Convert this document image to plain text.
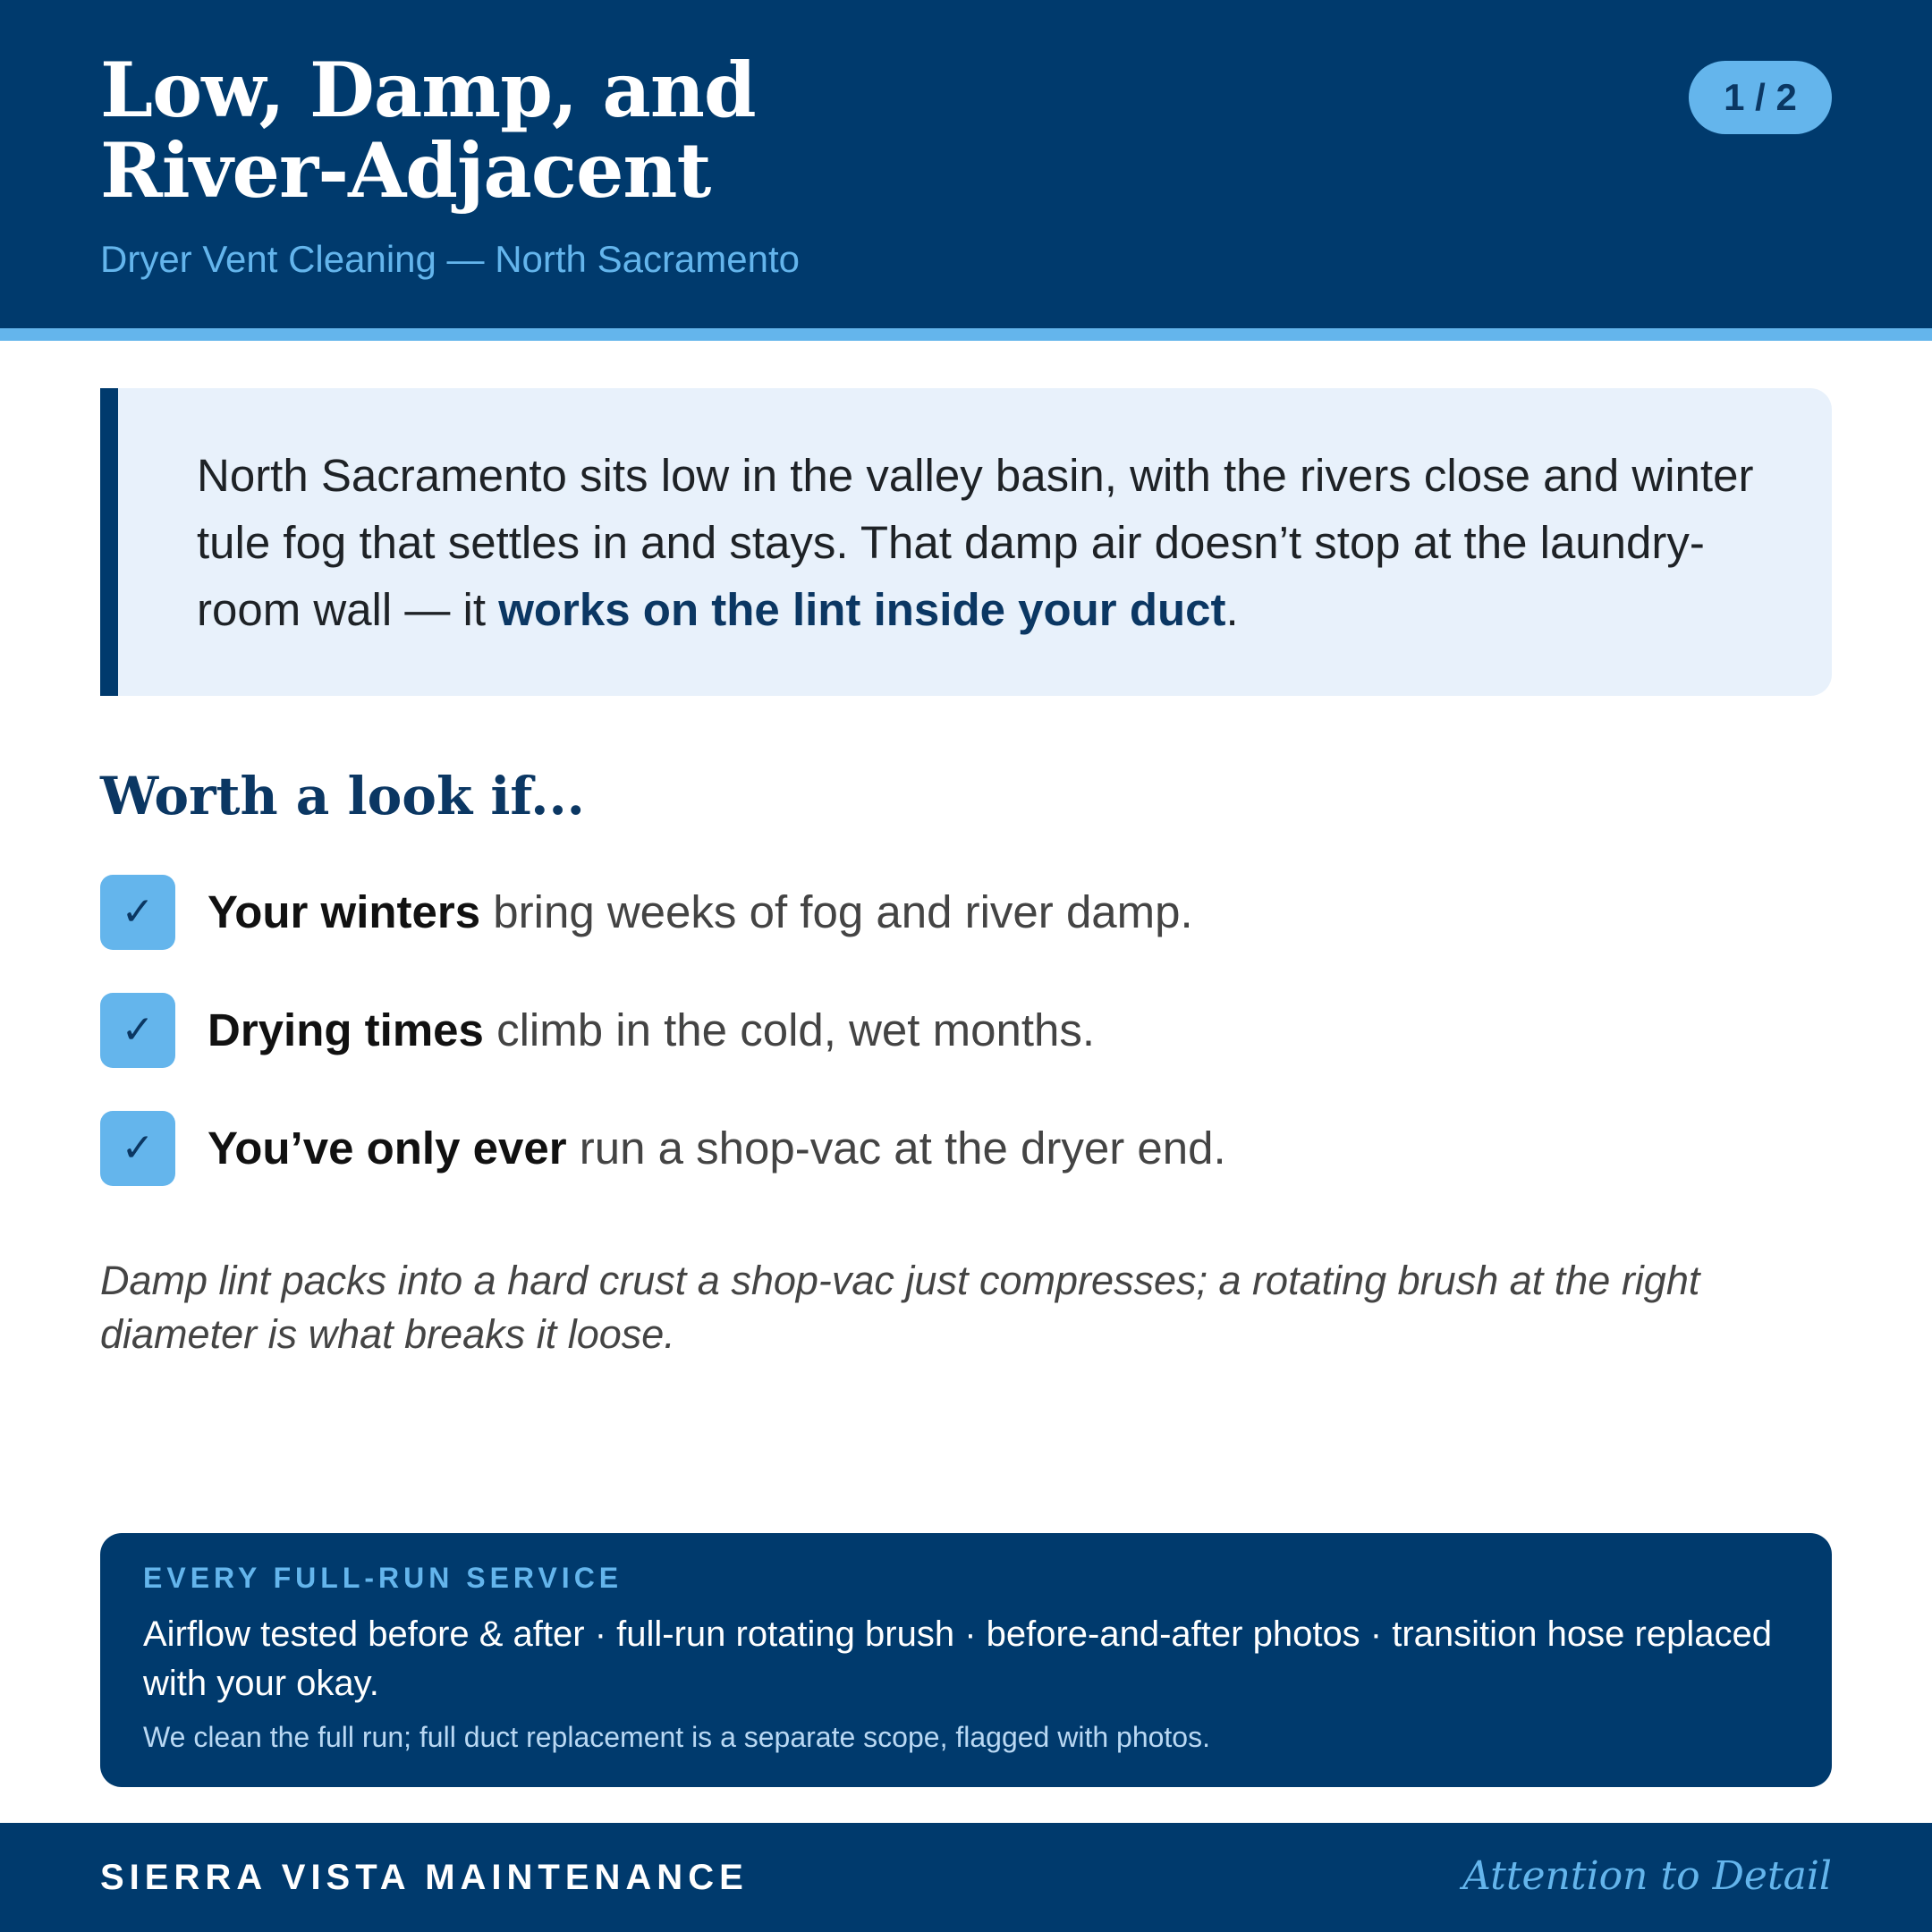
Low, Damp, and
River-Adjacent
Dryer Vent Cleaning — North Sacramento
1 / 2
North Sacramento sits low in the valley basin, with the rivers close and winter tule fog that settles in and stays. That damp air doesn’t stop at the laundry-room wall — it works on the lint inside your duct.
Worth a look if...
✓	Your winters bring weeks of fog and river damp.
✓	Drying times climb in the cold, wet months.
✓	You’ve only ever run a shop-vac at the dryer end.
Damp lint packs into a hard crust a shop-vac just compresses; a rotating brush at the right diameter is what breaks it loose.
EVERY FULL-RUN SERVICE
Airflow tested before & after · full-run rotating brush · before-and-after photos · transition hose replaced with your okay.
We clean the full run; full duct replacement is a separate scope, flagged with photos.
SIERRA VISTA MAINTENANCE	Attention to Detail
